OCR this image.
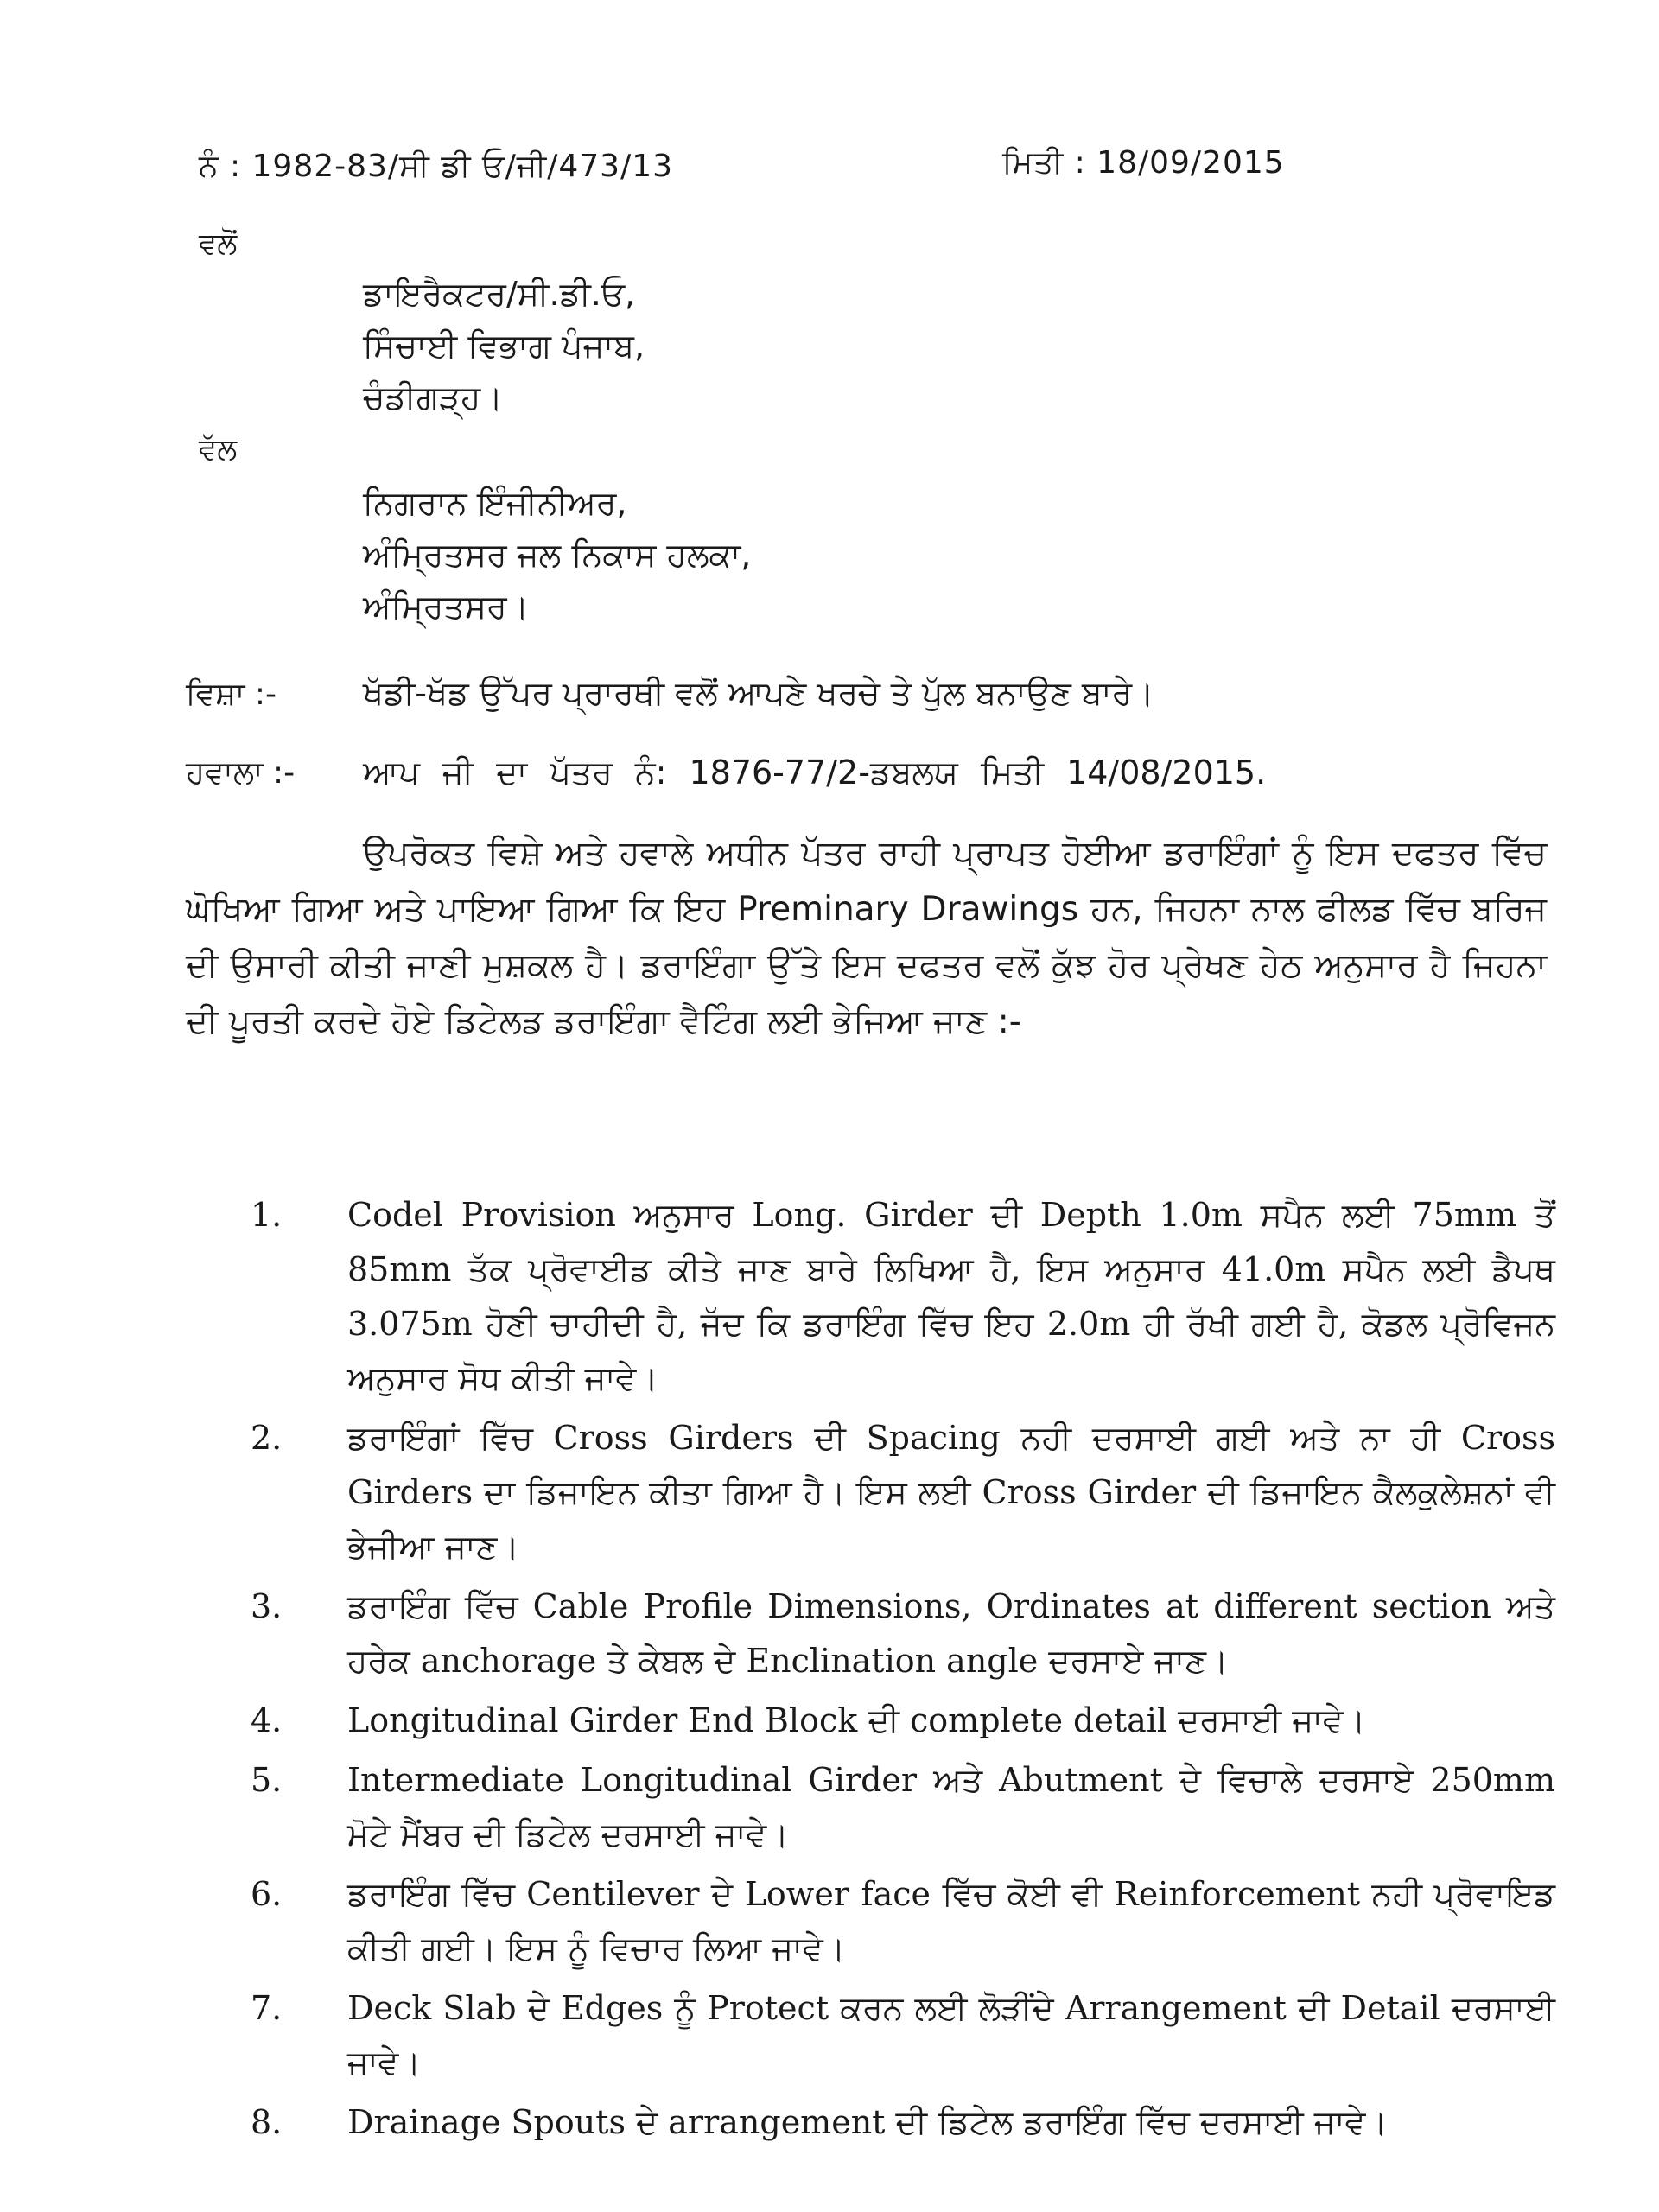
ਨੰ : 1982-83/ਸੀ ਡੀ ਓ/ਜੀ/473/13	ਮਿਤੀ : 18/09/2015
ਵਲੋਂ
ਡਾਇਰੈਕਟਰ/ਸੀ.ਡੀ.ਓ,
ਸਿੰਚਾਈ ਵਿਭਾਗ ਪੰਜਾਬ,
ਚੰਡੀਗੜ੍ਹ।
ਵੱਲ
ਨਿਗਰਾਨ ਇੰਜੀਨੀਅਰ,
ਅੰਮ੍ਰਿਤਸਰ ਜਲ ਨਿਕਾਸ ਹਲਕਾ,
ਅੰਮ੍ਰਿਤਸਰ।
ਵਿਸ਼ਾ :-	ਖੱਡੀ-ਖੱਡ ਉੱਪਰ ਪ੍ਰਾਰਥੀ ਵਲੋਂ ਆਪਣੇ ਖਰਚੇ ਤੇ ਪੁੱਲ ਬਨਾਉਣ ਬਾਰੇ।
ਹਵਾਲਾ :- ਆਪ ਜੀ ਦਾ ਪੱਤਰ ਨੰ: 1876-77/2-ਡਬਲਯ ਮਿਤੀ 14/08/2015.
ਉਪਰੋਕਤ ਵਿਸ਼ੇ ਅਤੇ ਹਵਾਲੇ ਅਧੀਨ ਪੱਤਰ ਰਾਹੀ ਪ੍ਰਾਪਤ ਹੋਈਆ ਡਰਾਇੰਗਾਂ ਨੂੰ ਇਸ ਦਫਤਰ ਵਿੱਚ ਘੋਖਿਆ ਗਿਆ ਅਤੇ ਪਾਇਆ ਗਿਆ ਕਿ ਇਹ Preminary Drawings ਹਨ, ਜਿਹਨਾ ਨਾਲ ਫੀਲਡ ਵਿੱਚ ਬਰਿਜ ਦੀ ਉਸਾਰੀ ਕੀਤੀ ਜਾਣੀ ਮੁਸ਼ਕਲ ਹੈ। ਡਰਾਇੰਗਾ ਉੱਤੇ ਇਸ ਦਫਤਰ ਵਲੋਂ ਕੁੱਝ ਹੋਰ ਪ੍ਰੇਖਣ ਹੇਠ ਅਨੁਸਾਰ ਹੈ ਜਿਹਨਾ ਦੀ ਪੂਰਤੀ ਕਰਦੇ ਹੋਏ ਡਿਟੇਲਡ ਡਰਾਇੰਗਾ ਵੈਟਿੰਗ ਲਈ ਭੇਜਿਆ ਜਾਣ :-
1.	Codel Provision ਅਨੁਸਾਰ Long. Girder ਦੀ Depth 1.0m ਸਪੈਨ ਲਈ 75mm ਤੋਂ 85mm ਤੱਕ ਪ੍ਰੋਵਾਈਡ ਕੀਤੇ ਜਾਣ ਬਾਰੇ ਲਿਖਿਆ ਹੈ, ਇਸ ਅਨੁਸਾਰ 41.0m ਸਪੈਨ ਲਈ ਡੈਪਥ 3.075m ਹੋਣੀ ਚਾਹੀਦੀ ਹੈ, ਜੱਦ ਕਿ ਡਰਾਇੰਗ ਵਿੱਚ ਇਹ 2.0m ਹੀ ਰੱਖੀ ਗਈ ਹੈ, ਕੋਡਲ ਪ੍ਰੋਵਿਜਨ ਅਨੁਸਾਰ ਸੋਧ ਕੀਤੀ ਜਾਵੇ।
2.	ਡਰਾਇੰਗਾਂ ਵਿੱਚ Cross Girders ਦੀ Spacing ਨਹੀ ਦਰਸਾਈ ਗਈ ਅਤੇ ਨਾ ਹੀ Cross Girders ਦਾ ਡਿਜਾਇਨ ਕੀਤਾ ਗਿਆ ਹੈ। ਇਸ ਲਈ Cross Girder ਦੀ ਡਿਜਾਇਨ ਕੈਲਕੁਲੇਸ਼ਨਾਂ ਵੀ ਭੇਜੀਆ ਜਾਣ।
3.	ਡਰਾਇੰਗ ਵਿੱਚ Cable Profile Dimensions, Ordinates at different section ਅਤੇ ਹਰੇਕ anchorage ਤੇ ਕੇਬਲ ਦੇ Enclination angle ਦਰਸਾਏ ਜਾਣ।
4.	Longitudinal Girder End Block ਦੀ complete detail ਦਰਸਾਈ ਜਾਵੇ।
5.	Intermediate Longitudinal Girder ਅਤੇ Abutment ਦੇ ਵਿਚਾਲੇ ਦਰਸਾਏ 250mm ਮੋਟੇ ਮੈਂਬਰ ਦੀ ਡਿਟੇਲ ਦਰਸਾਈ ਜਾਵੇ।
6.	ਡਰਾਇੰਗ ਵਿੱਚ Centilever ਦੇ Lower face ਵਿੱਚ ਕੋਈ ਵੀ Reinforcement ਨਹੀ ਪ੍ਰੋਵਾਇਡ ਕੀਤੀ ਗਈ। ਇਸ ਨੂੰ ਵਿਚਾਰ ਲਿਆ ਜਾਵੇ।
7.	Deck Slab ਦੇ Edges ਨੂੰ Protect ਕਰਨ ਲਈ ਲੋੜੀਂਦੇ Arrangement ਦੀ Detail ਦਰਸਾਈ ਜਾਵੇ।
8.	Drainage Spouts ਦੇ arrangement ਦੀ ਡਿਟੇਲ ਡਰਾਇੰਗ ਵਿੱਚ ਦਰਸਾਈ ਜਾਵੇ।
